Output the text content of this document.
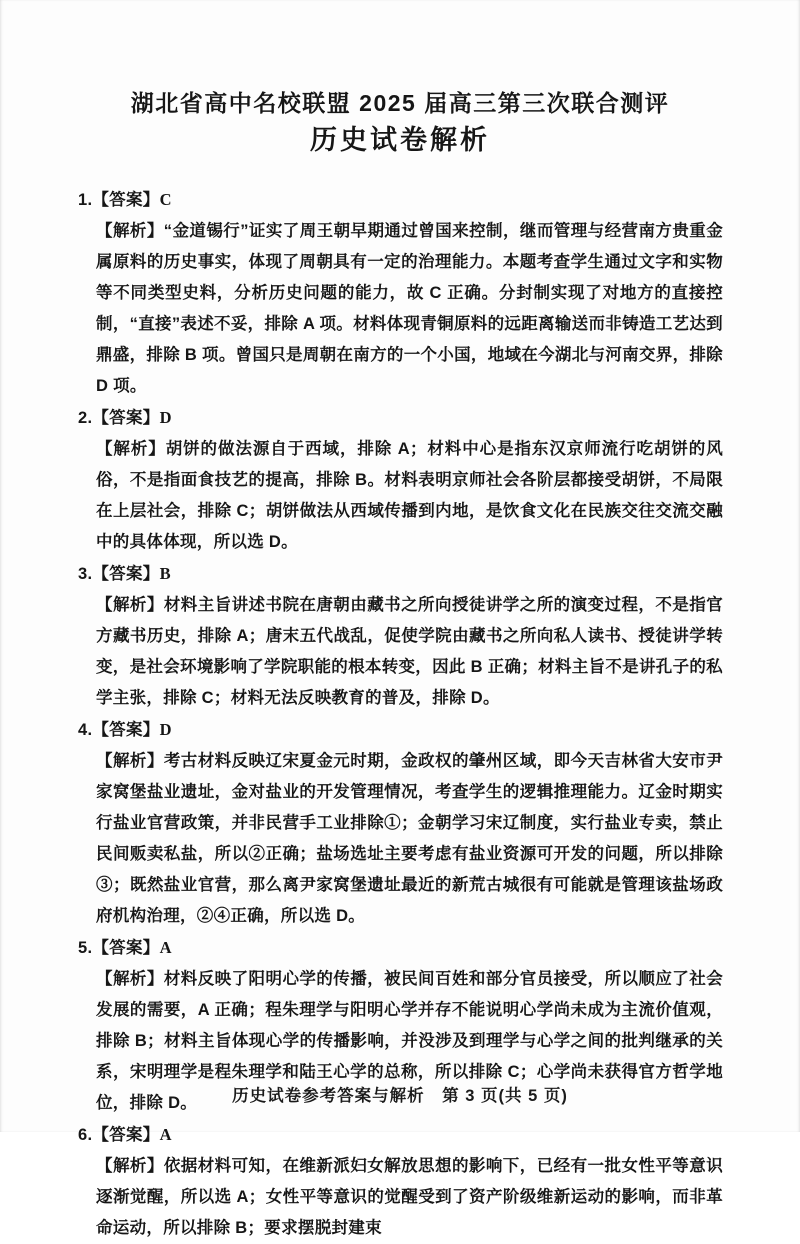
湖北省高中名校联盟 2025 届高三第三次联合测评
历史试卷解析
1.【答案】C
【解析】“金道锡行”证实了周王朝早期通过曾国来控制，继而管理与经营南方贵重金属原料的历史事实，体现了周朝具有一定的治理能力。本题考查学生通过文字和实物等不同类型史料，分析历史问题的能力，故 C 正确。分封制实现了对地方的直接控制，“直接”表述不妥，排除 A 项。材料体现青铜原料的远距离输送而非铸造工艺达到鼎盛，排除 B 项。曾国只是周朝在南方的一个小国，地域在今湖北与河南交界，排除 D 项。
2.【答案】D
【解析】胡饼的做法源自于西域，排除 A；材料中心是指东汉京师流行吃胡饼的风俗，不是指面食技艺的提高，排除 B。材料表明京师社会各阶层都接受胡饼，不局限在上层社会，排除 C；胡饼做法从西域传播到内地，是饮食文化在民族交往交流交融中的具体体现，所以选 D。
3.【答案】B
【解析】材料主旨讲述书院在唐朝由藏书之所向授徒讲学之所的演变过程，不是指官方藏书历史，排除 A；唐末五代战乱，促使学院由藏书之所向私人读书、授徒讲学转变，是社会环境影响了学院职能的根本转变，因此 B 正确；材料主旨不是讲孔子的私学主张，排除 C；材料无法反映教育的普及，排除 D。
4.【答案】D
【解析】考古材料反映辽宋夏金元时期，金政权的肇州区域，即今天吉林省大安市尹家窝堡盐业遗址，金对盐业的开发管理情况，考查学生的逻辑推理能力。辽金时期实行盐业官营政策，并非民营手工业排除①；金朝学习宋辽制度，实行盐业专卖，禁止民间贩卖私盐，所以②正确；盐场选址主要考虑有盐业资源可开发的问题，所以排除③；既然盐业官营，那么离尹家窝堡遗址最近的新荒古城很有可能就是管理该盐场政府机构治理，②④正确，所以选 D。
5.【答案】A
【解析】材料反映了阳明心学的传播，被民间百姓和部分官员接受，所以顺应了社会发展的需要，A 正确；程朱理学与阳明心学并存不能说明心学尚未成为主流价值观，排除 B；材料主旨体现心学的传播影响，并没涉及到理学与心学之间的批判继承的关系，宋明理学是程朱理学和陆王心学的总称，所以排除 C；心学尚未获得官方哲学地位，排除 D。
6.【答案】A
【解析】依据材料可知，在维新派妇女解放思想的影响下，已经有一批女性平等意识逐渐觉醒，所以选 A；女性平等意识的觉醒受到了资产阶级维新运动的影响，而非革命运动，所以排除 B；要求摆脱封建束
历史试卷参考答案与解析　第 3 页(共 5 页)
